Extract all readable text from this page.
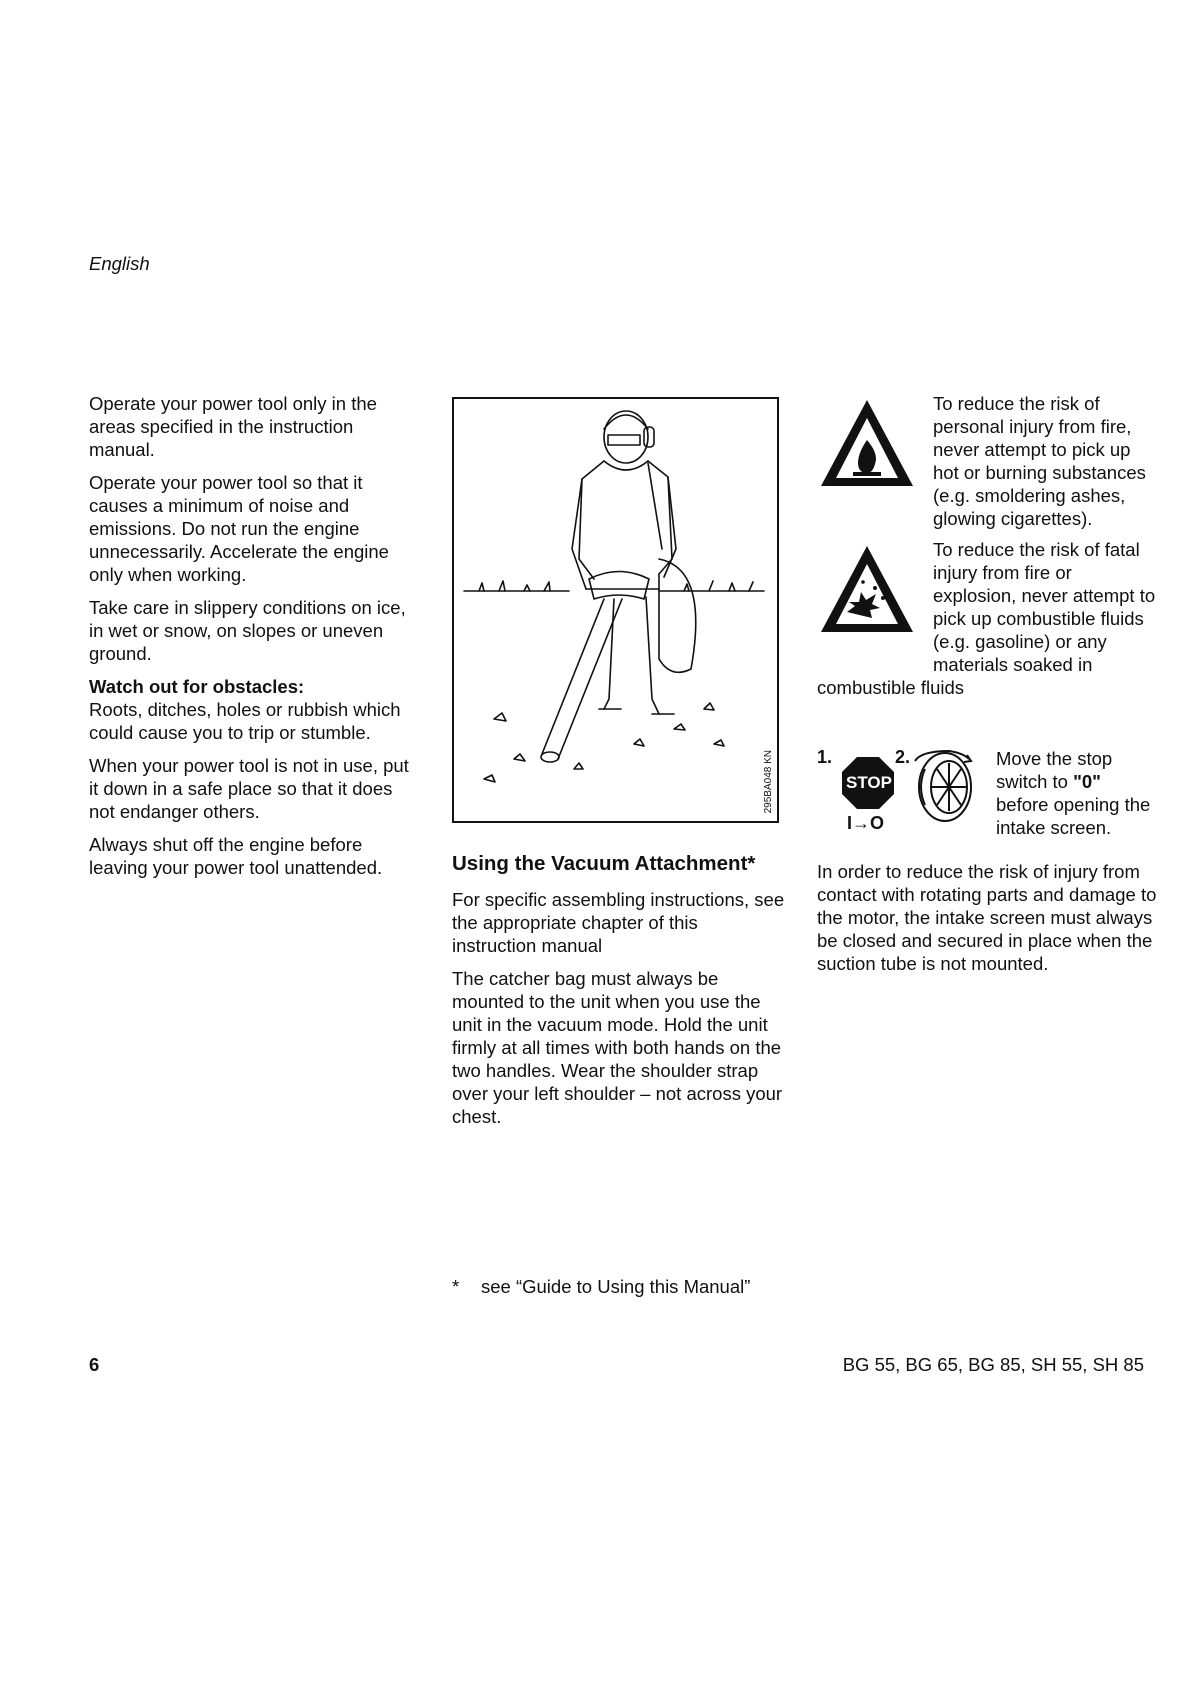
English

Operate your power tool only in the areas specified in the instruction manual.

Operate your power tool so that it causes a minimum of noise and emissions. Do not run the engine unnecessarily. Accelerate the engine only when working.

Take care in slippery conditions on ice, in wet or snow, on slopes or uneven ground.

Watch out for obstacles:
Roots, ditches, holes or rubbish which could cause you to trip or stumble.

When your power tool is not in use, put it down in a safe place so that it does not endanger others.

Always shut off the engine before leaving your power tool unattended.

295BA048 KN
Using the Vacuum Attachment*

For specific assembling instructions, see the appropriate chapter of this instruction manual

The catcher bag must always be mounted to the unit when you use the unit in the vacuum mode. Hold the unit firmly at all times with both hands on the two handles. Wear the shoulder strap over your left shoulder – not across your chest.

To reduce the risk of personal injury from fire, never attempt to pick up hot or burning substances (e.g. smoldering ashes, glowing cigarettes).

To reduce the risk of fatal injury from fire or explosion, never attempt to pick up combustible fluids (e.g. gasoline) or any materials soaked in

combustible fluids

1.	2.
STOP
I→O

Move the stop switch to "0" before opening the intake screen.

In order to reduce the risk of injury from contact with rotating parts and damage to the motor, the intake screen must always be closed and secured in place when the suction tube is not mounted.

* see “Guide to Using this Manual”
6	BG 55, BG 65, BG 85, SH 55, SH 85
